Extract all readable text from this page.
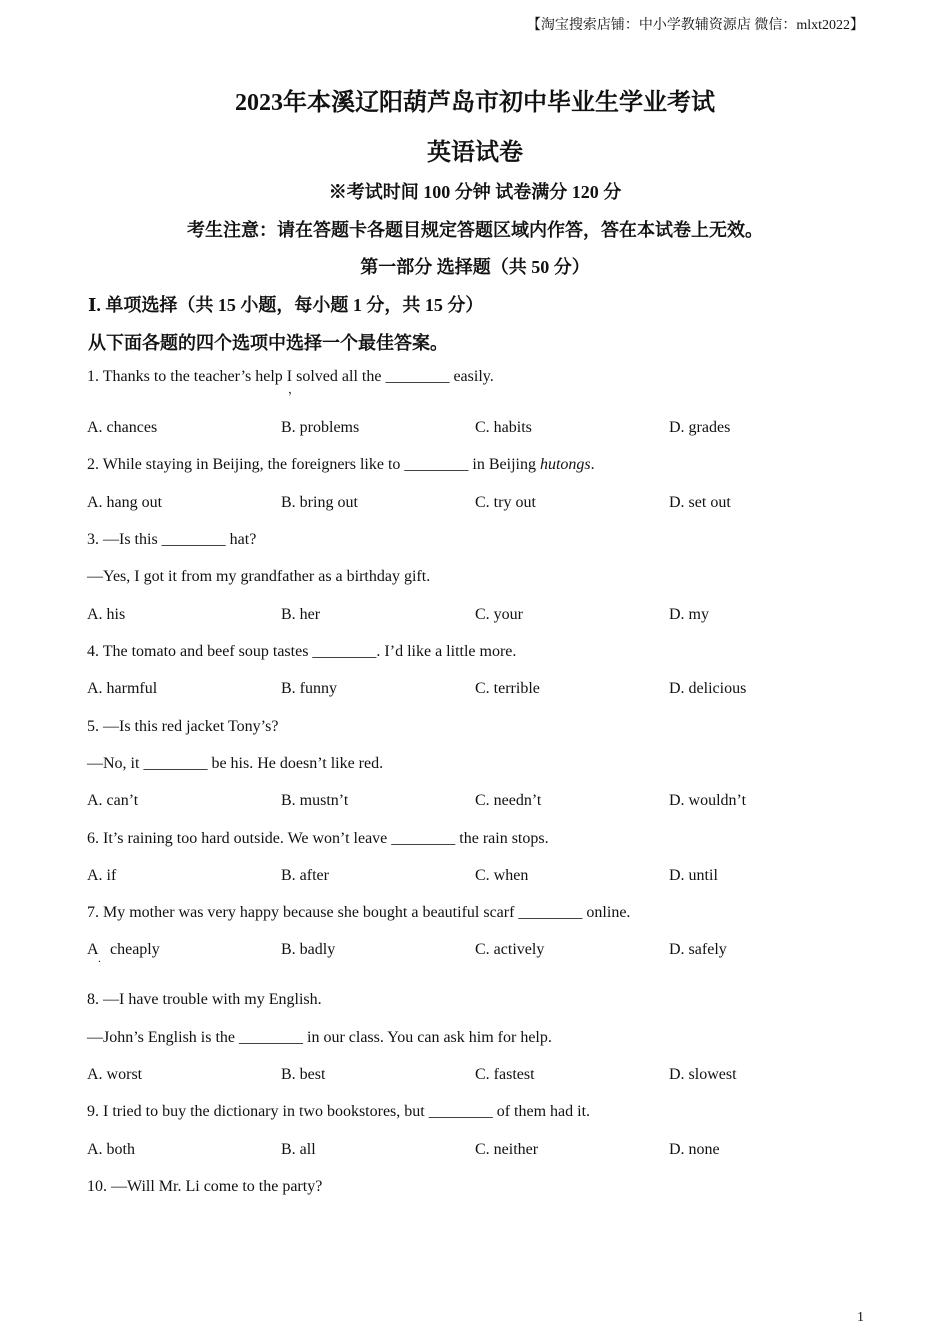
【淘宝搜索店铺：中小学教辅资源店 微信：mlxt2022】
2023年本溪辽阳葫芦岛市初中毕业生学业考试
英语试卷
※考试时间 100 分钟 试卷满分 120 分
考生注意：请在答题卡各题目规定答题区域内作答，答在本试卷上无效。
第一部分 选择题（共 50 分）
Ⅰ. 单项选择（共 15 小题，每小题 1 分，共 15 分）
从下面各题的四个选项中选择一个最佳答案。
1. Thanks to the teacher’s help I solved all the ________ easily.
，
A. chances	B. problems	C. habits	D. grades
2. While staying in Beijing, the foreigners like to ________ in Beijing hutongs.
A. hang out	B. bring out	C. try out	D. set out
3. —Is this ________ hat?
—Yes, I got it from my grandfather as a birthday gift.
A. his	B. her	C. your	D. my
4. The tomato and beef soup tastes ________. I’d like a little more.
A. harmful	B. funny	C. terrible	D. delicious
5. —Is this red jacket Tony’s?
—No, it ________ be his. He doesn’t like red.
A. can’t	B. mustn’t	C. needn’t	D. wouldn’t
6. It’s raining too hard outside. We won’t leave ________ the rain stops.
A. if	B. after	C. when	D. until
7. My mother was very happy because she bought a beautiful scarf ________ online.
A . cheaply	B. badly	C. actively	D. safely
8. —I have trouble with my English.
—John’s English is the ________ in our class. You can ask him for help.
A. worst	B. best	C. fastest	D. slowest
9. I tried to buy the dictionary in two bookstores, but ________ of them had it.
A. both	B. all	C. neither	D. none
10. —Will Mr. Li come to the party?
1
